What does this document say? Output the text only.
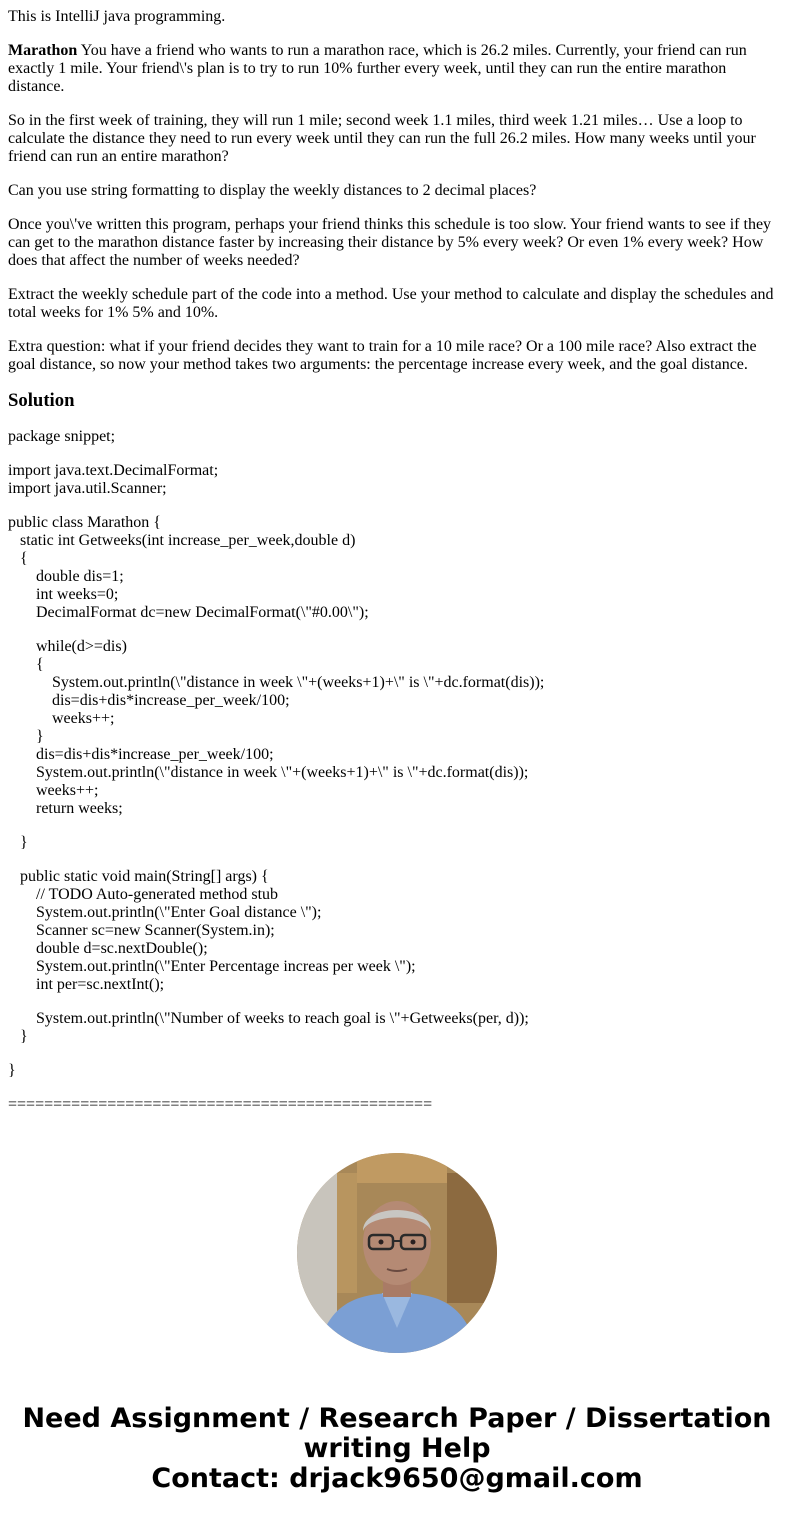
This is IntelliJ java programming.

Marathon You have a friend who wants to run a marathon race, which is 26.2 miles. Currently, your friend can run exactly 1 mile. Your friend\'s plan is to try to run 10% further every week, until they can run the entire marathon distance.

So in the first week of training, they will run 1 mile; second week 1.1 miles, third week 1.21 miles… Use a loop to calculate the distance they need to run every week until they can run the full 26.2 miles. How many weeks until your friend can run an entire marathon?

Can you use string formatting to display the weekly distances to 2 decimal places?

Once you\'ve written this program, perhaps your friend thinks this schedule is too slow. Your friend wants to see if they can get to the marathon distance faster by increasing their distance by 5% every week? Or even 1% every week? How does that affect the number of weeks needed?

Extract the weekly schedule part of the code into a method. Use your method to calculate and display the schedules and total weeks for 1% 5% and 10%.

Extra question: what if your friend decides they want to train for a 10 mile race? Or a 100 mile race? Also extract the goal distance, so now your method takes two arguments: the percentage increase every week, and the goal distance.

Solution
package snippet;
import java.text.DecimalFormat;
import java.util.Scanner;
public class Marathon {
static int Getweeks(int increase_per_week,double d)
{
double dis=1;
int weeks=0;
DecimalFormat dc=new DecimalFormat(\"#0.00\");
while(d>=dis)
{
System.out.println(\"distance in week \"+(weeks+1)+\" is \"+dc.format(dis));
dis=dis+dis*increase_per_week/100;
weeks++;
}
dis=dis+dis*increase_per_week/100;
System.out.println(\"distance in week \"+(weeks+1)+\" is \"+dc.format(dis));
weeks++;
return weeks;
}
public static void main(String[] args) {
// TODO Auto-generated method stub
System.out.println(\"Enter Goal distance \");
Scanner sc=new Scanner(System.in);
double d=sc.nextDouble();
System.out.println(\"Enter Percentage increas per week \");
int per=sc.nextInt();
System.out.println(\"Number of weeks to reach goal is \"+Getweeks(per, d));
}
}
===============================================
Need Assignment / Research Paper / Dissertation
writing Help
Contact: drjack9650@gmail.com
